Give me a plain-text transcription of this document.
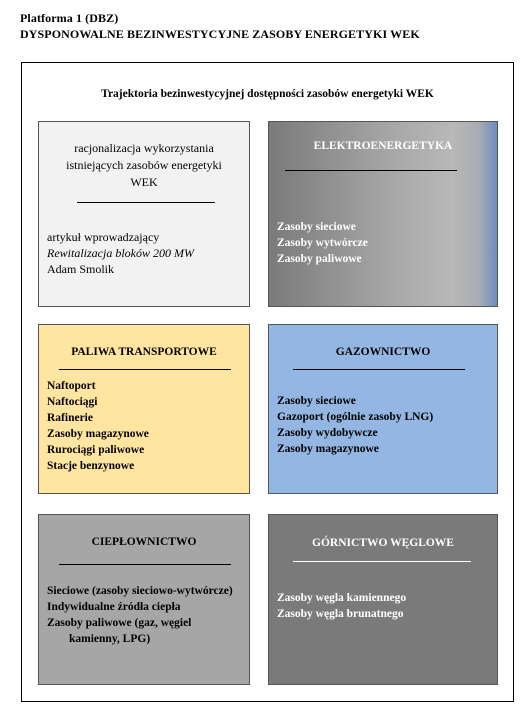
Platforma 1 (DBZ)
DYSPONOWALNE BEZINWESTYCYJNE ZASOBY ENERGETYKI WEK
Trajektoria bezinwestycyjnej dostępności zasobów energetyki WEK
racjonalizacja wykorzystania
istniejących zasobów energetyki
WEK
artykuł wprowadzający
Rewitalizacja bloków 200 MW
Adam Smolik
ELEKTROENERGETYKA
Zasoby sieciowe
Zasoby wytwórcze
Zasoby paliwowe
PALIWA TRANSPORTOWE
Naftoport
Naftociągi
Rafinerie
Zasoby magazynowe
Rurociągi paliwowe
Stacje benzynowe
GAZOWNICTWO
Zasoby sieciowe
Gazoport (ogólnie zasoby LNG)
Zasoby wydobywcze
Zasoby magazynowe
CIEPŁOWNICTWO
Sieciowe (zasoby sieciowo-wytwórcze)
Indywidualne źródła ciepła
Zasoby paliwowe (gaz, węgiel
kamienny, LPG)
GÓRNICTWO WĘGLOWE
Zasoby węgla kamiennego
Zasoby węgla brunatnego
